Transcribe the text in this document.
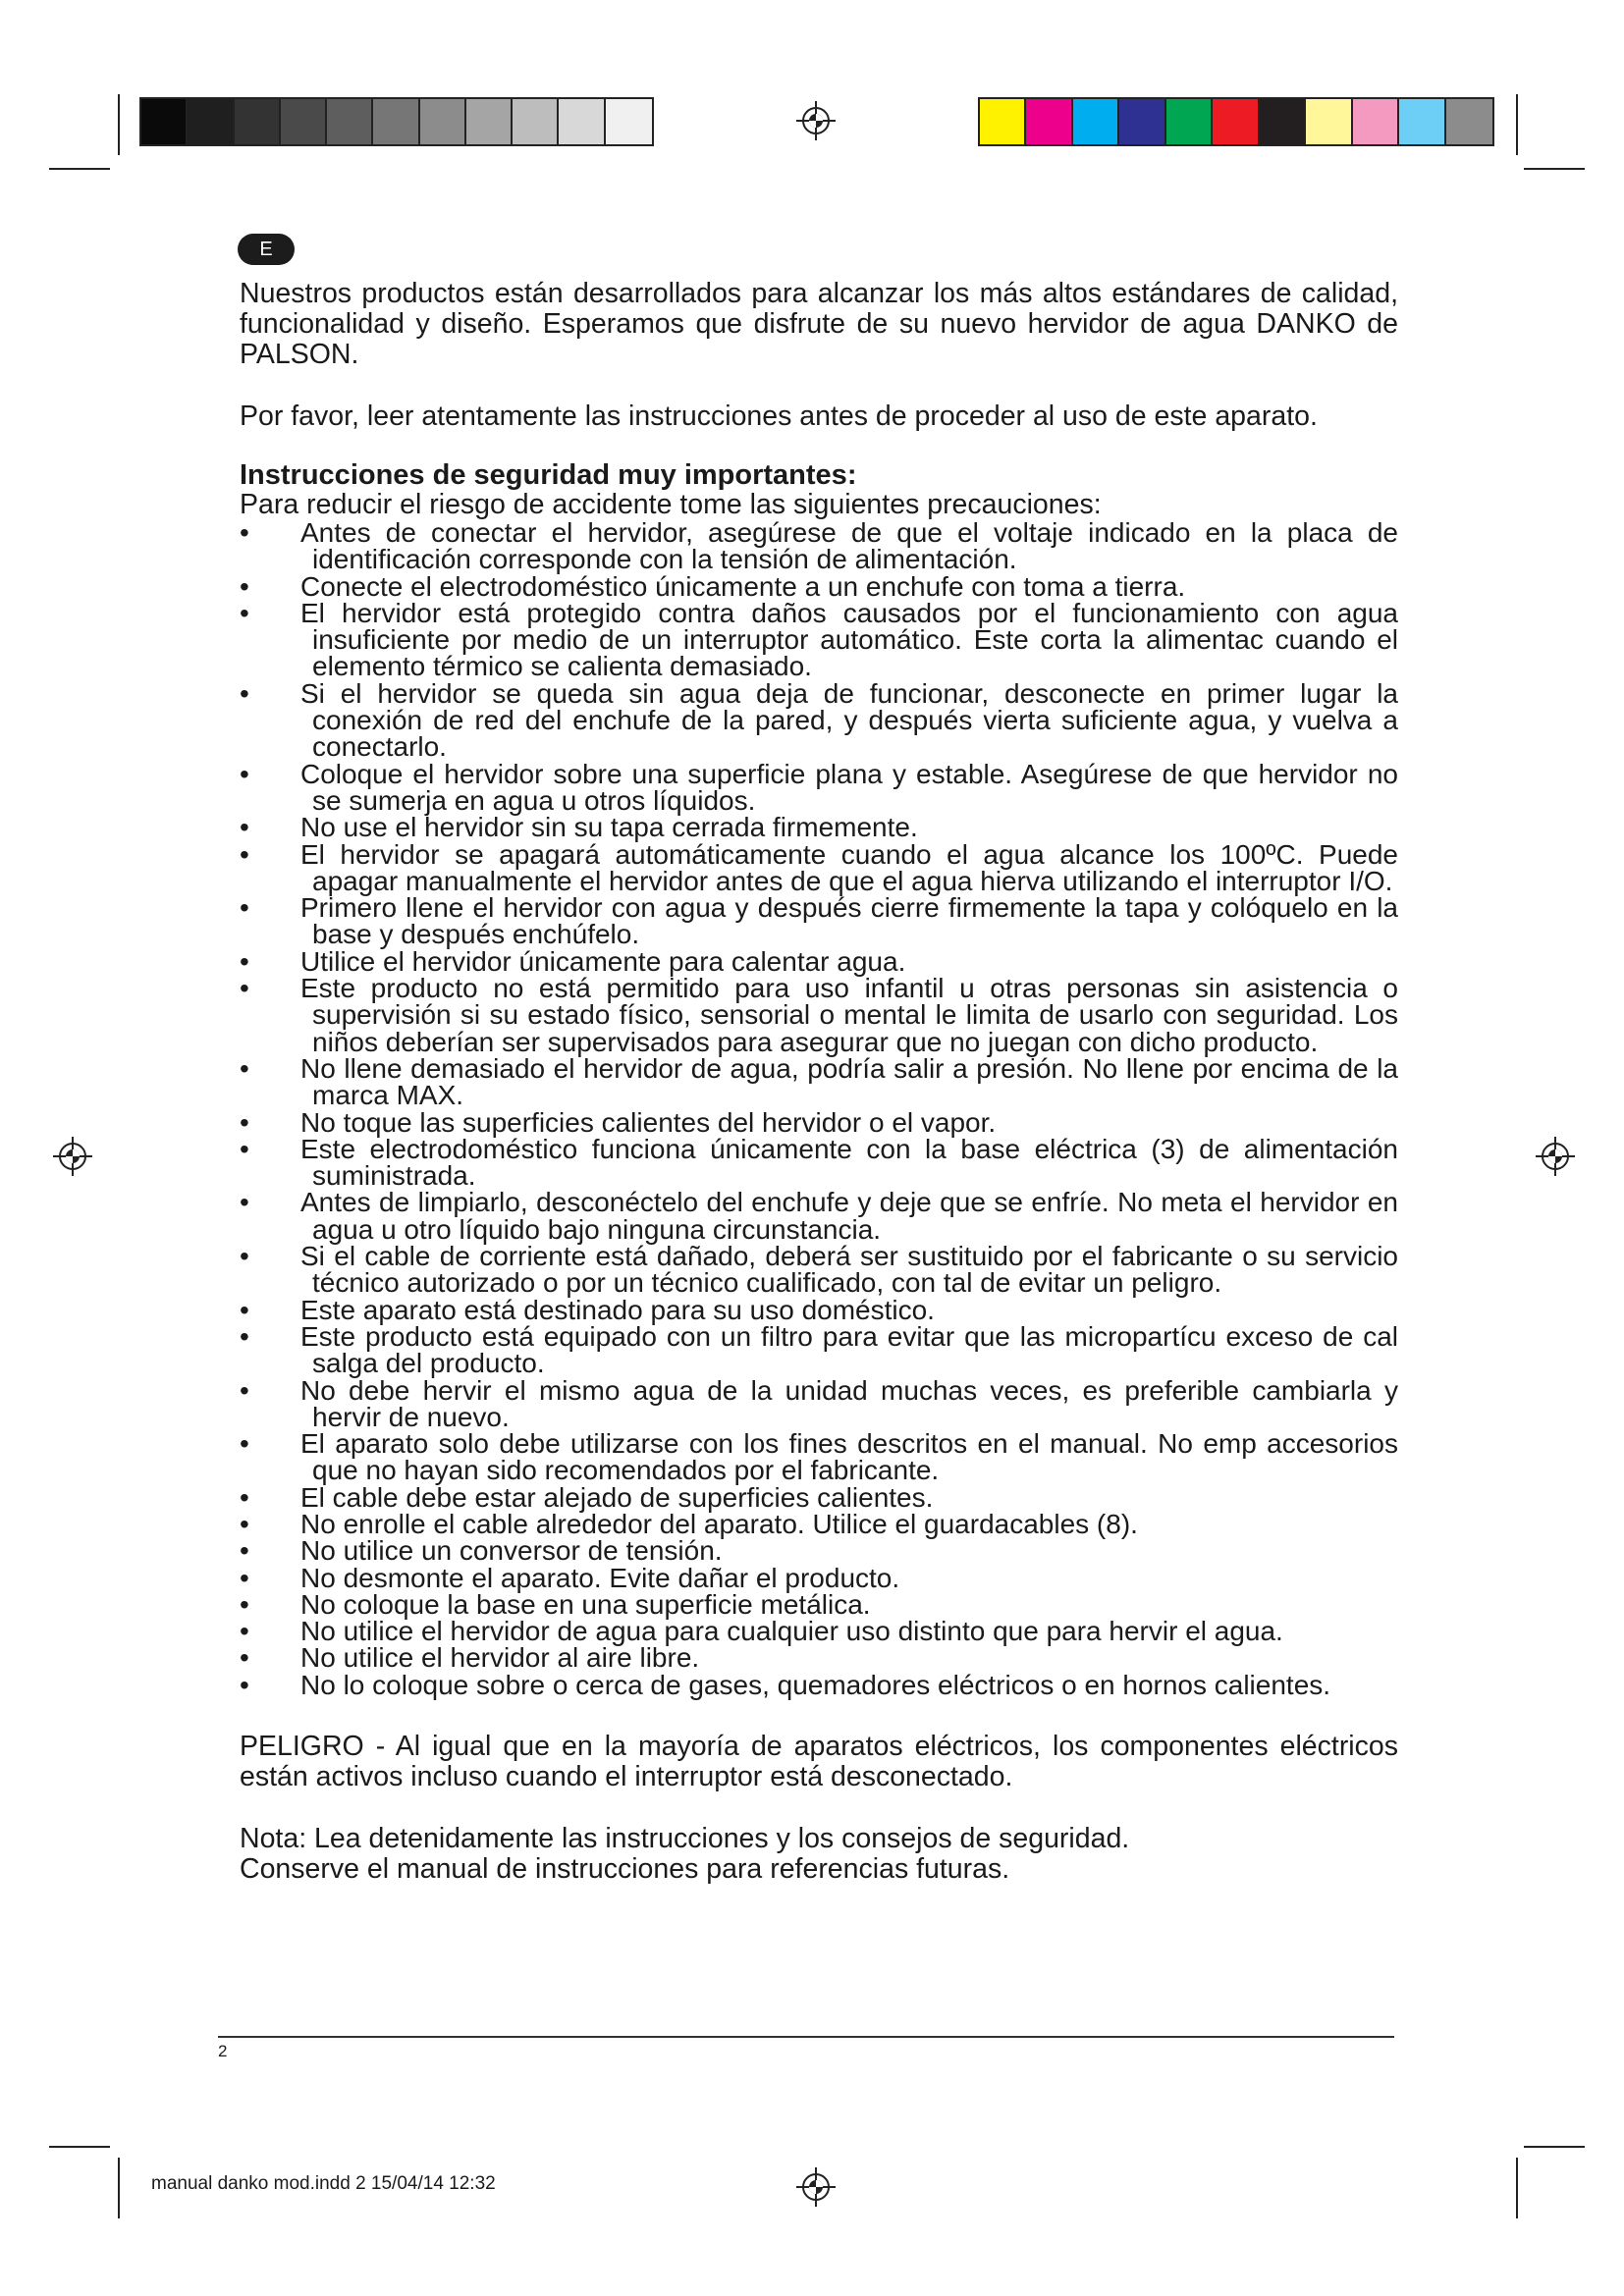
E

Nuestros productos están desarrollados para alcanzar los más altos estándares de calidad, funcionalidad y diseño. Esperamos que disfrute de su nuevo hervidor de agua DANKO de PALSON.

Por favor, leer atentamente las instrucciones antes de proceder al uso de este aparato.

Instrucciones de seguridad muy importantes:

Para reducir el riesgo de accidente tome las siguientes precauciones:

•	Antes de conectar el hervidor, asegúrese de que el voltaje indicado en la placa de identificación corresponde con la tensión de alimentación.
•	Conecte el electrodoméstico únicamente a un enchufe con toma a tierra.
•	El hervidor está protegido contra daños causados por el funcionamiento con agua insuficiente por medio de un interruptor automático. Este corta la alimentac cuando el elemento térmico se calienta demasiado.
•	Si el hervidor se queda sin agua deja de funcionar, desconecte en primer lugar la conexión de red del enchufe de la pared, y después vierta suficiente agua, y vuelva a conectarlo.
•	Coloque el hervidor sobre una superficie plana y estable. Asegúrese de que hervidor no se sumerja en agua u otros líquidos.
•	No use el hervidor sin su tapa cerrada firmemente.
•	El hervidor se apagará automáticamente cuando el agua alcance los 100ºC. Puede apagar manualmente el hervidor antes de que el agua hierva utilizando el interruptor I/O.
•	Primero llene el hervidor con agua y después cierre firmemente la tapa y colóquelo en la base y después enchúfelo.
•	Utilice el hervidor únicamente para calentar agua.
•	Este producto no está permitido para uso infantil u otras personas sin asistencia o supervisión si su estado físico, sensorial o mental le limita de usarlo con seguridad. Los niños deberían ser supervisados para asegurar que no juegan con dicho producto.
•	No llene demasiado el hervidor de agua, podría salir a presión. No llene por encima de la marca MAX.
•	No toque las superficies calientes del hervidor o el vapor.
•	Este electrodoméstico funciona únicamente con la base eléctrica (3) de alimentación suministrada.
•	Antes de limpiarlo, desconéctelo del enchufe y deje que se enfríe. No meta el hervidor en agua u otro líquido bajo ninguna circunstancia.
•	Si el cable de corriente está dañado, deberá ser sustituido por el fabricante o su servicio técnico autorizado o por un técnico cualificado, con tal de evitar un peligro.
•	Este aparato está destinado para su uso doméstico.
•	Este producto está equipado con un filtro para evitar que las micropartícu exceso de cal salga del producto.
•	No debe hervir el mismo agua de la unidad muchas veces, es preferible cambiarla y hervir de nuevo.
•	El aparato solo debe utilizarse con los fines descritos en el manual. No emp accesorios que no hayan sido recomendados por el fabricante.
•	El cable debe estar alejado de superficies calientes.
•	No enrolle el cable alrededor del aparato. Utilice el guardacables (8).
•	No utilice un conversor de tensión.
•	No desmonte el aparato. Evite dañar el producto.
•	No coloque la base en una superficie metálica.
•	No utilice el hervidor de agua para cualquier uso distinto que para hervir el agua.
•	No utilice el hervidor al aire libre.
•	No lo coloque sobre o cerca de gases, quemadores eléctricos o en hornos calientes.

PELIGRO - Al igual que en la mayoría de aparatos eléctricos, los componentes eléctricos están activos incluso cuando el interruptor está desconectado.

Nota: Lea detenidamente las instrucciones y los consejos de seguridad.

Conserve el manual de instrucciones para referencias futuras.

2
manual danko mod.indd 2 15/04/14 12:32
